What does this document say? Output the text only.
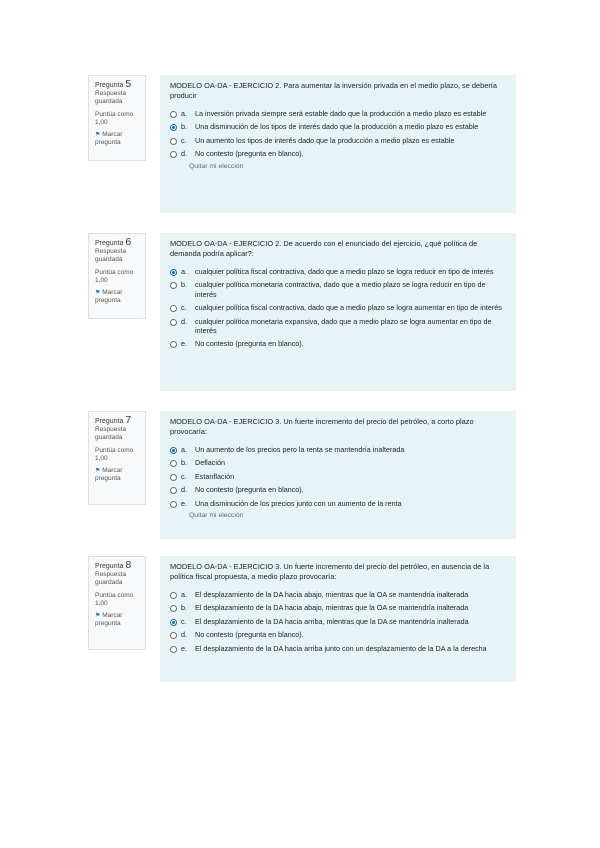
Pregunta 5
Respuesta guardada
Puntúa como 1,00
⚑ Marcar pregunta
MODELO OA-DA - EJERCICIO 2. Para aumentar la inversión privada en el medio plazo, se debería producir
a.	La inversión privada siempre será estable dado que la producción a medio plazo es estable
b.	Una disminución de los tipos de interés dado que la producción a medio plazo es estable
c.	Un aumento los tipos de interés dado que la producción a medio plazo es estable
d.	No contesto (pregunta en blanco).
Quitar mi elección
Pregunta 6
Respuesta guardada
Puntúa como 1,00
⚑ Marcar pregunta
MODELO OA-DA - EJERCICIO 2. De acuerdo con el enunciado del ejercicio, ¿qué política de demanda podría aplicar?:
a.	cualquier política fiscal contractiva, dado que a medio plazo se logra reducir en tipo de interés
b.	cualquier política monetaria contractiva, dado que a medio plazo se logra reducir en tipo de interés
c.	cualquier política fiscal contractiva, dado que a medio plazo se logra aumentar en tipo de interés
d.	cualquier política monetaria expansiva, dado que a medio plazo se logra aumentar en tipo de interés
e.	No contesto (pregunta en blanco).
Pregunta 7
Respuesta guardada
Puntúa como 1,00
⚑ Marcar pregunta
MODELO OA-DA - EJERCICIO 3. Un fuerte incremento del precio del petróleo, a corto plazo provocaría:
a.	Un aumento de los precios pero la renta se mantendría inalterada
b.	Deflación
c.	Estanflación
d.	No contesto (pregunta en blanco).
e.	Una disminución de los precios junto con un aumento de la renta
Quitar mi elección
Pregunta 8
Respuesta guardada
Puntúa como 1,00
⚑ Marcar pregunta
MODELO OA-DA - EJERCICIO 3. Un fuerte incremento del precio del petróleo, en ausencia de la política fiscal propuesta, a medio plazo provocaría:
a.	El desplazamiento de la DA hacia abajo, mientras que la OA se mantendría inalterada
b.	El desplazamiento de la DA hacia abajo, mientras que la OA se mantendría inalterada
c.	El desplazamiento de la DA hacia arriba, mientras que la DA se mantendría inalterada
d.	No contesto (pregunta en blanco).
e.	El desplazamiento de la DA hacia arriba junto con un desplazamiento de la DA a la derecha
